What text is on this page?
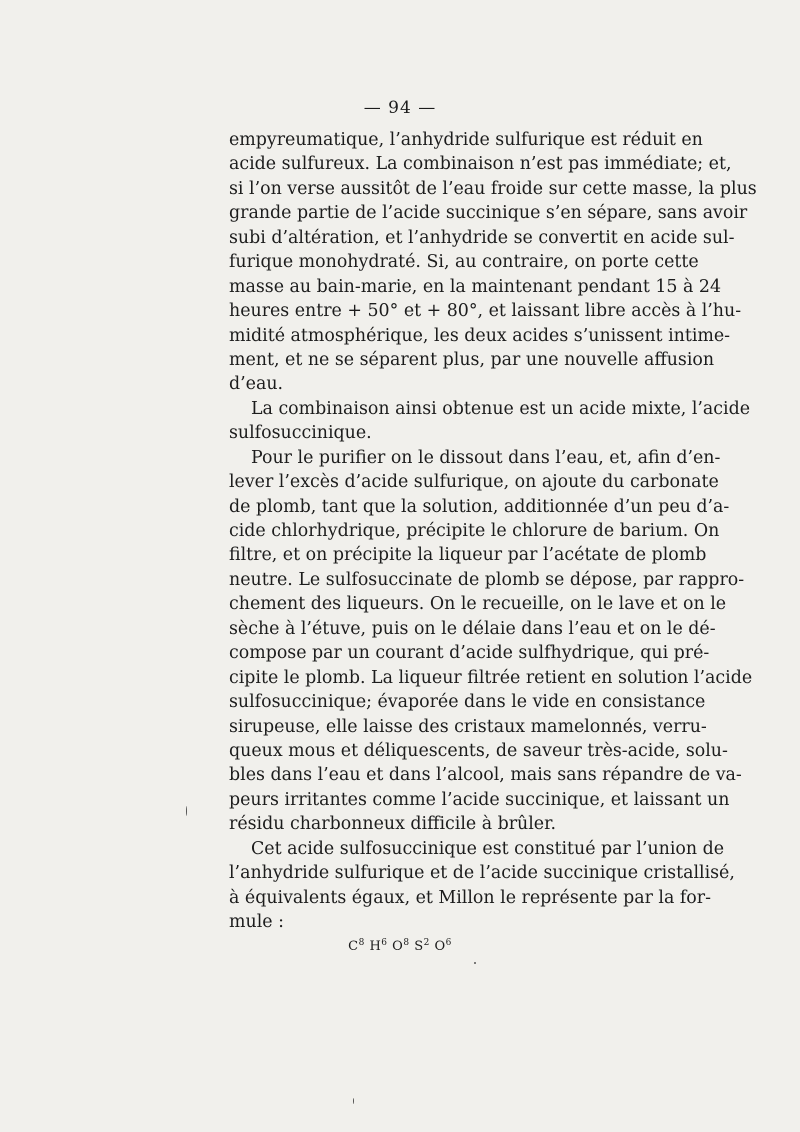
— 94 —
empyreumatique, l’anhydride sulfurique est réduit en
acide sulfureux. La combinaison n’est pas immédiate; et,
si l’on verse aussitôt de l’eau froide sur cette masse, la plus
grande partie de l’acide succinique s’en sépare, sans avoir
subi d’altération, et l’anhydride se convertit en acide sul-
furique monohydraté. Si, au contraire, on porte cette
masse au bain-marie, en la maintenant pendant 15 à 24
heures entre + 50° et + 80°, et laissant libre accès à l’hu-
midité atmosphérique, les deux acides s’unissent intime-
ment, et ne se séparent plus, par une nouvelle affusion
d’eau.
La combinaison ainsi obtenue est un acide mixte, l’acide
sulfosuccinique.
Pour le purifier on le dissout dans l’eau, et, afin d’en-
lever l’excès d’acide sulfurique, on ajoute du carbonate
de plomb, tant que la solution, additionnée d’un peu d’a-
cide chlorhydrique, précipite le chlorure de barium. On
filtre, et on précipite la liqueur par l’acétate de plomb
neutre. Le sulfosuccinate de plomb se dépose, par rappro-
chement des liqueurs. On le recueille, on le lave et on le
sèche à l’étuve, puis on le délaie dans l’eau et on le dé-
compose par un courant d’acide sulfhydrique, qui pré-
cipite le plomb. La liqueur filtrée retient en solution l’acide
sulfosuccinique; évaporée dans le vide en consistance
sirupeuse, elle laisse des cristaux mamelonnés, verru-
queux mous et déliquescents, de saveur très-acide, solu-
bles dans l’eau et dans l’alcool, mais sans répandre de va-
peurs irritantes comme l’acide succinique, et laissant un
résidu charbonneux difficile à brûler.
Cet acide sulfosuccinique est constitué par l’union de
l’anhydride sulfurique et de l’acide succinique cristallisé,
à équivalents égaux, et Millon le représente par la for-
mule :
$C^8$ $H^6$ $O^8$ $S^2$ $O^6$
